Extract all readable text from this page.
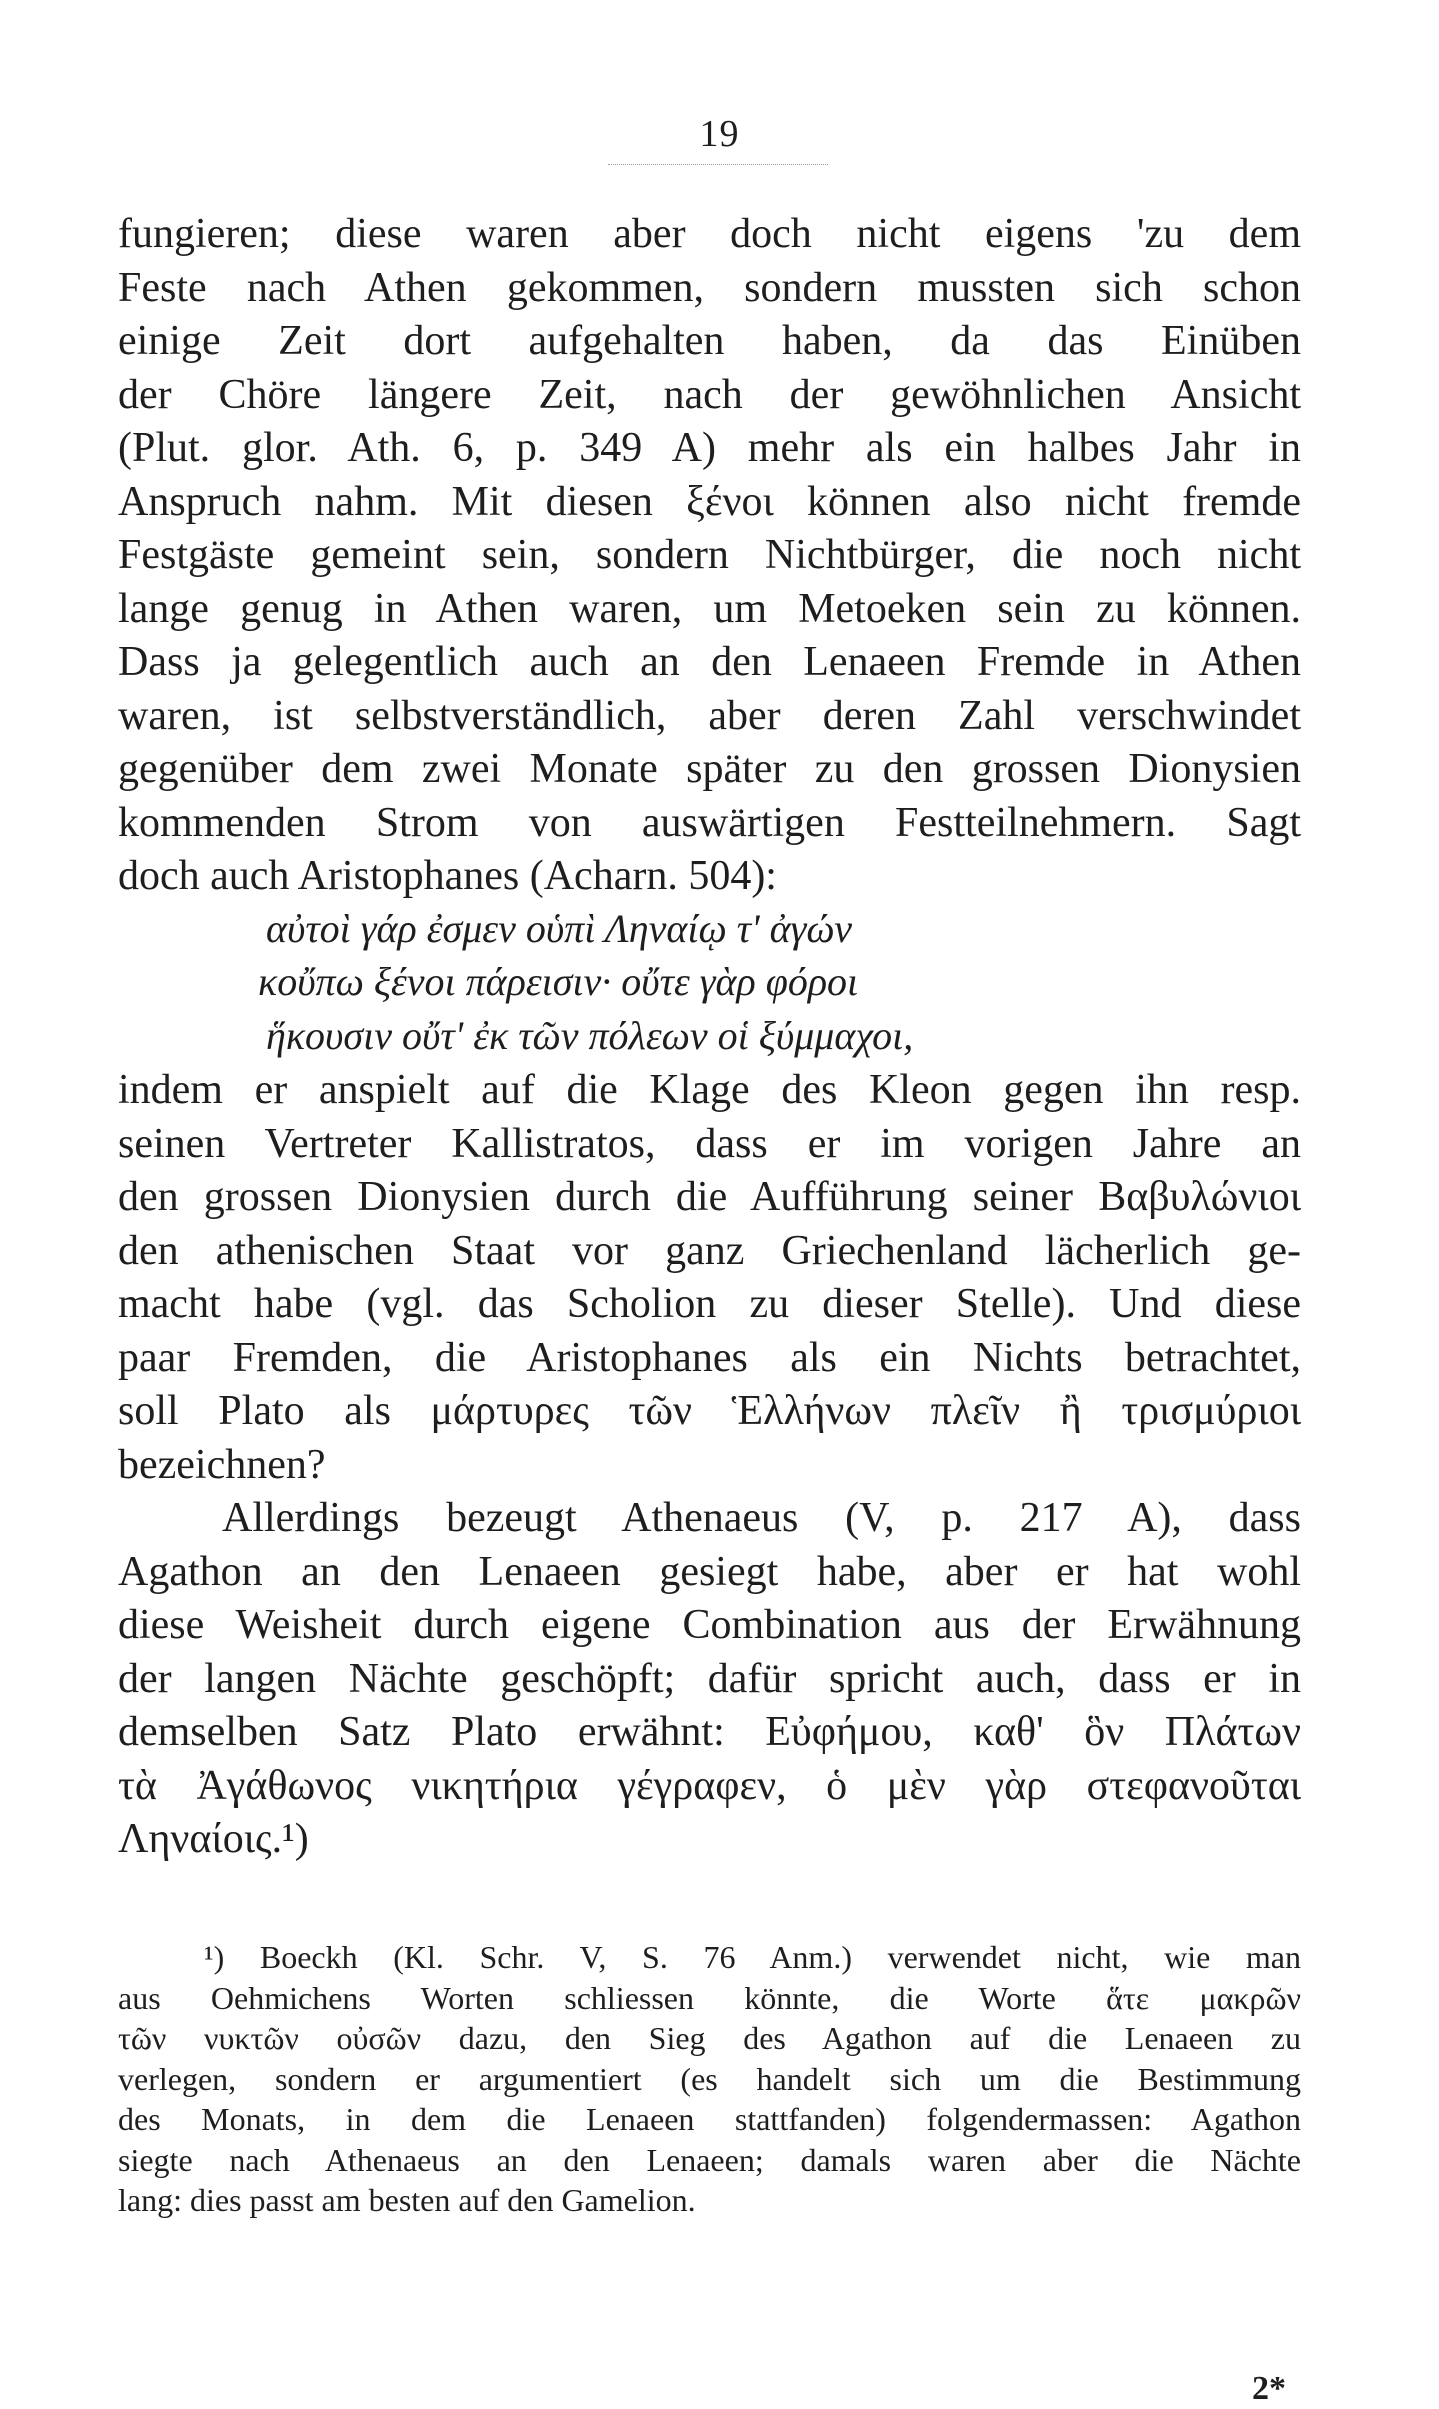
19
fungieren; diese waren aber doch nicht eigens 'zu dem
Feste nach Athen gekommen, sondern mussten sich schon
einige Zeit dort aufgehalten haben, da das Einüben
der Chöre längere Zeit, nach der gewöhnlichen Ansicht
(Plut. glor. Ath. 6, p. 349 A) mehr als ein halbes Jahr in
Anspruch nahm. Mit diesen ξένοι können also nicht fremde
Festgäste gemeint sein, sondern Nichtbürger, die noch nicht
lange genug in Athen waren, um Metoeken sein zu können.
Dass ja gelegentlich auch an den Lenaeen Fremde in Athen
waren, ist selbstverständlich, aber deren Zahl verschwindet
gegenüber dem zwei Monate später zu den grossen Dionysien
kommenden Strom von auswärtigen Festteilnehmern. Sagt
doch auch Aristophanes (Acharn. 504):
αὐτοὶ γάρ ἐσμεν οὑπὶ Ληναίῳ τ' ἀγών
κοὔπω ξένοι πάρεισιν· οὔτε γὰρ φόροι
ἥκουσιν οὔτ' ἐκ τῶν πόλεων οἱ ξύμμαχοι,
indem er anspielt auf die Klage des Kleon gegen ihn resp.
seinen Vertreter Kallistratos, dass er im vorigen Jahre an
den grossen Dionysien durch die Aufführung seiner Βαβυλώνιοι
den athenischen Staat vor ganz Griechenland lächerlich ge-
macht habe (vgl. das Scholion zu dieser Stelle). Und diese
paar Fremden, die Aristophanes als ein Nichts betrachtet,
soll Plato als μάρτυρες τῶν Ἑλλήνων πλεῖν ἢ τρισμύριοι
bezeichnen?
Allerdings bezeugt Athenaeus (V, p. 217 A), dass
Agathon an den Lenaeen gesiegt habe, aber er hat wohl
diese Weisheit durch eigene Combination aus der Erwähnung
der langen Nächte geschöpft; dafür spricht auch, dass er in
demselben Satz Plato erwähnt: Εὐφήμου, καθ' ὃν Πλάτων
τὰ Ἀγάθωνος νικητήρια γέγραφεν, ὁ μὲν γὰρ στεφανοῦται
Ληναίοις.¹)
¹) Boeckh (Kl. Schr. V, S. 76 Anm.) verwendet nicht, wie man
aus Oehmichens Worten schliessen könnte, die Worte ἅτε μακρῶν
τῶν νυκτῶν οὐσῶν dazu, den Sieg des Agathon auf die Lenaeen zu
verlegen, sondern er argumentiert (es handelt sich um die Bestimmung
des Monats, in dem die Lenaeen stattfanden) folgendermassen: Agathon
siegte nach Athenaeus an den Lenaeen; damals waren aber die Nächte
lang: dies passt am besten auf den Gamelion.
2*
